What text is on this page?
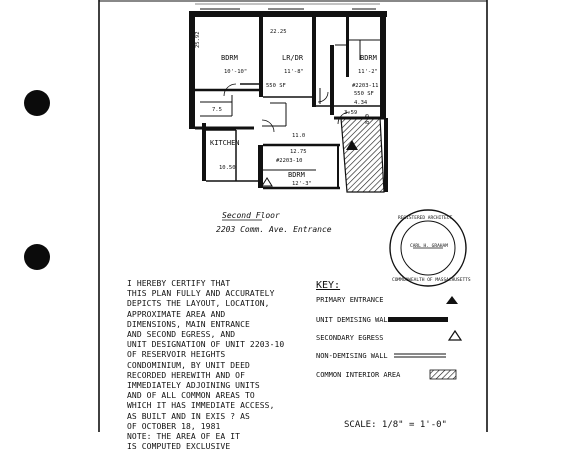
BDRM
10'-10"
LR/DR
11'-8"
BDRM
11'-2"
KITCHEN
BDRM
12'-3"
22.25
25.92
#2203-11
550 SF
#2203-10
550 SF
4.34
3.59
8.0
11.0
12.75
10.50
7.5
Second Floor
2203 Comm. Ave. Entrance
I HEREBY CERTIFY THAT
THIS PLAN FULLY AND ACCURATELY
DEPICTS THE LAYOUT, LOCATION,
APPROXIMATE AREA AND
DIMENSIONS, MAIN ENTRANCE
AND SECOND EGRESS, AND
UNIT DESIGNATION OF UNIT 2203-10
OF RESERVOIR HEIGHTS
CONDOMINIUM, BY UNIT DEED
RECORDED HEREWITH AND OF
IMMEDIATELY ADJOINING UNITS
AND OF ALL COMMON AREAS TO
WHICH IT HAS IMMEDIATE ACCESS,
AS BUILT AND IN EXIS ? AS
OF OCTOBER 18, 1981
NOTE: THE AREA OF EA IT
IS COMPUTED EXCLUSIVE
KEY:
PRIMARY ENTRANCE
UNIT DEMISING WALL
SECONDARY EGRESS
NON-DEMISING WALL
COMMON INTERIOR AREA
SCALE: 1/8" = 1'-0"
REGISTERED ARCHITECT
CARL H. GRAHAM
COMMONWEALTH OF MASSACHUSETTS
